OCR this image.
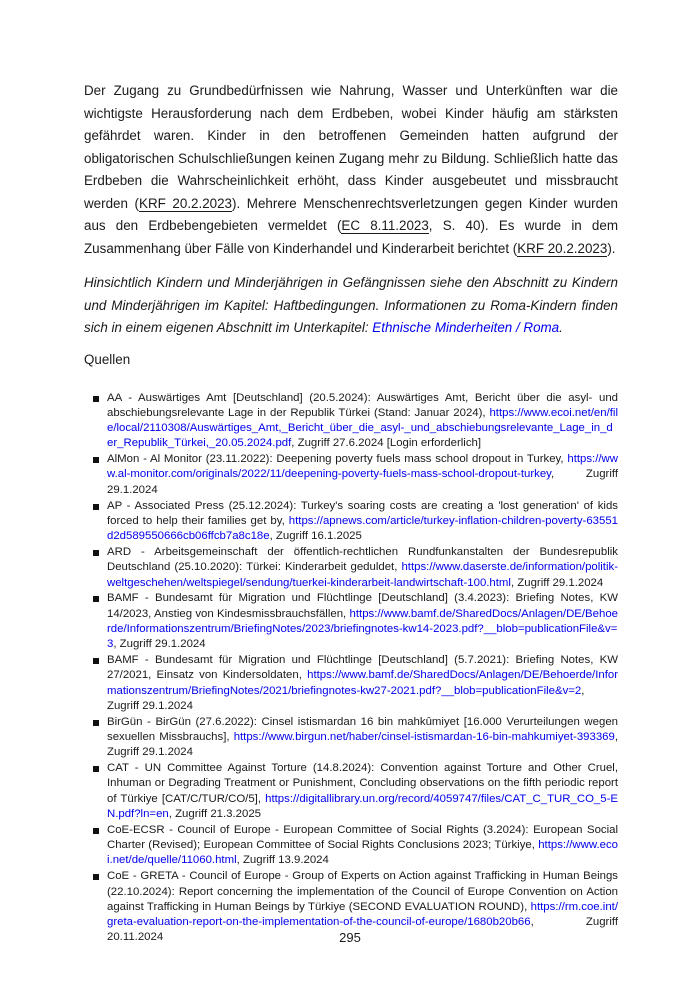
Der Zugang zu Grundbedürfnissen wie Nahrung, Wasser und Unterkünften war die wichtigste Herausforderung nach dem Erdbeben, wobei Kinder häufig am stärksten gefährdet waren. Kinder in den betroffenen Gemeinden hatten aufgrund der obligatorischen Schulschließungen keinen Zugang mehr zu Bildung. Schließlich hatte das Erdbeben die Wahrscheinlichkeit erhöht, dass Kinder ausgebeutet und missbraucht werden (KRF 20.2.2023). Mehrere Menschenrechtsverletzungen gegen Kinder wurden aus den Erdbebengebieten vermeldet (EC 8.11.2023, S. 40). Es wurde in dem Zusammenhang über Fälle von Kinderhandel und Kinderarbeit berichtet (KRF 20.2.2023).

Hinsichtlich Kindern und Minderjährigen in Gefängnissen siehe den Abschnitt zu Kindern und Minderjährigen im Kapitel: Haftbedingungen. Informationen zu Roma-Kindern finden sich in einem eigenen Abschnitt im Unterkapitel: Ethnische Minderheiten / Roma.

Quellen
AA - Auswärtiges Amt [Deutschland] (20.5.2024): Auswärtiges Amt, Bericht über die asyl- und abschiebungsrelevante Lage in der Republik Türkei (Stand: Januar 2024), https://www.ecoi.net/en/file/local/2110308/Auswärtiges_Amt,_Bericht_über_die_asyl-_und_abschiebungsrelevante_Lage_in_der_Republik_Türkei,_20.05.2024.pdf, Zugriff 27.6.2024 [Login erforderlich]
AlMon - Al Monitor (23.11.2022): Deepening poverty fuels mass school dropout in Turkey, https://www.al-monitor.com/originals/2022/11/deepening-poverty-fuels-mass-school-dropout-turkey, Zugriff 29.1.2024
AP - Associated Press (25.12.2024): Turkey's soaring costs are creating a 'lost generation' of kids forced to help their families get by, https://apnews.com/article/turkey-inflation-children-poverty-63551d2d589550666cb06ffcb7a8c18e, Zugriff 16.1.2025
ARD - Arbeitsgemeinschaft der öffentlich-rechtlichen Rundfunkanstalten der Bundesrepublik Deutschland (25.10.2020): Türkei: Kinderarbeit geduldet, https://www.daserste.de/information/politik-weltgeschehen/weltspiegel/sendung/tuerkei-kinderarbeit-landwirtschaft-100.html, Zugriff 29.1.2024
BAMF - Bundesamt für Migration und Flüchtlinge [Deutschland] (3.4.2023): Briefing Notes, KW 14/2023, Anstieg von Kindesmissbrauchsfällen, https://www.bamf.de/SharedDocs/Anlagen/DE/Behoerde/Informationszentrum/BriefingNotes/2023/briefingnotes-kw14-2023.pdf?__blob=publicationFile&v=3, Zugriff 29.1.2024
BAMF - Bundesamt für Migration und Flüchtlinge [Deutschland] (5.7.2021): Briefing Notes, KW 27/2021, Einsatz von Kindersoldaten, https://www.bamf.de/SharedDocs/Anlagen/DE/Behoerde/Informationszentrum/BriefingNotes/2021/briefingnotes-kw27-2021.pdf?__blob=publicationFile&v=2, Zugriff 29.1.2024
BirGün - BirGün (27.6.2022): Cinsel istismardan 16 bin mahkûmiyet [16.000 Verurteilungen wegen sexuellen Missbrauchs], https://www.birgun.net/haber/cinsel-istismardan-16-bin-mahkumiyet-393369, Zugriff 29.1.2024
CAT - UN Committee Against Torture (14.8.2024): Convention against Torture and Other Cruel, Inhuman or Degrading Treatment or Punishment, Concluding observations on the fifth periodic report of Türkiye [CAT/C/TUR/CO/5], https://digitallibrary.un.org/record/4059747/files/CAT_C_TUR_CO_5-EN.pdf?ln=en, Zugriff 21.3.2025
CoE-ECSR - Council of Europe - European Committee of Social Rights (3.2024): European Social Charter (Revised); European Committee of Social Rights Conclusions 2023; Türkiye, https://www.ecoi.net/de/quelle/11060.html, Zugriff 13.9.2024
CoE - GRETA - Council of Europe - Group of Experts on Action against Trafficking in Human Beings (22.10.2024): Report concerning the implementation of the Council of Europe Convention on Action against Trafficking in Human Beings by Türkiye (SECOND EVALUATION ROUND), https://rm.coe.int/greta-evaluation-report-on-the-implementation-of-the-council-of-europe/1680b20b66, Zugriff 20.11.2024	295
